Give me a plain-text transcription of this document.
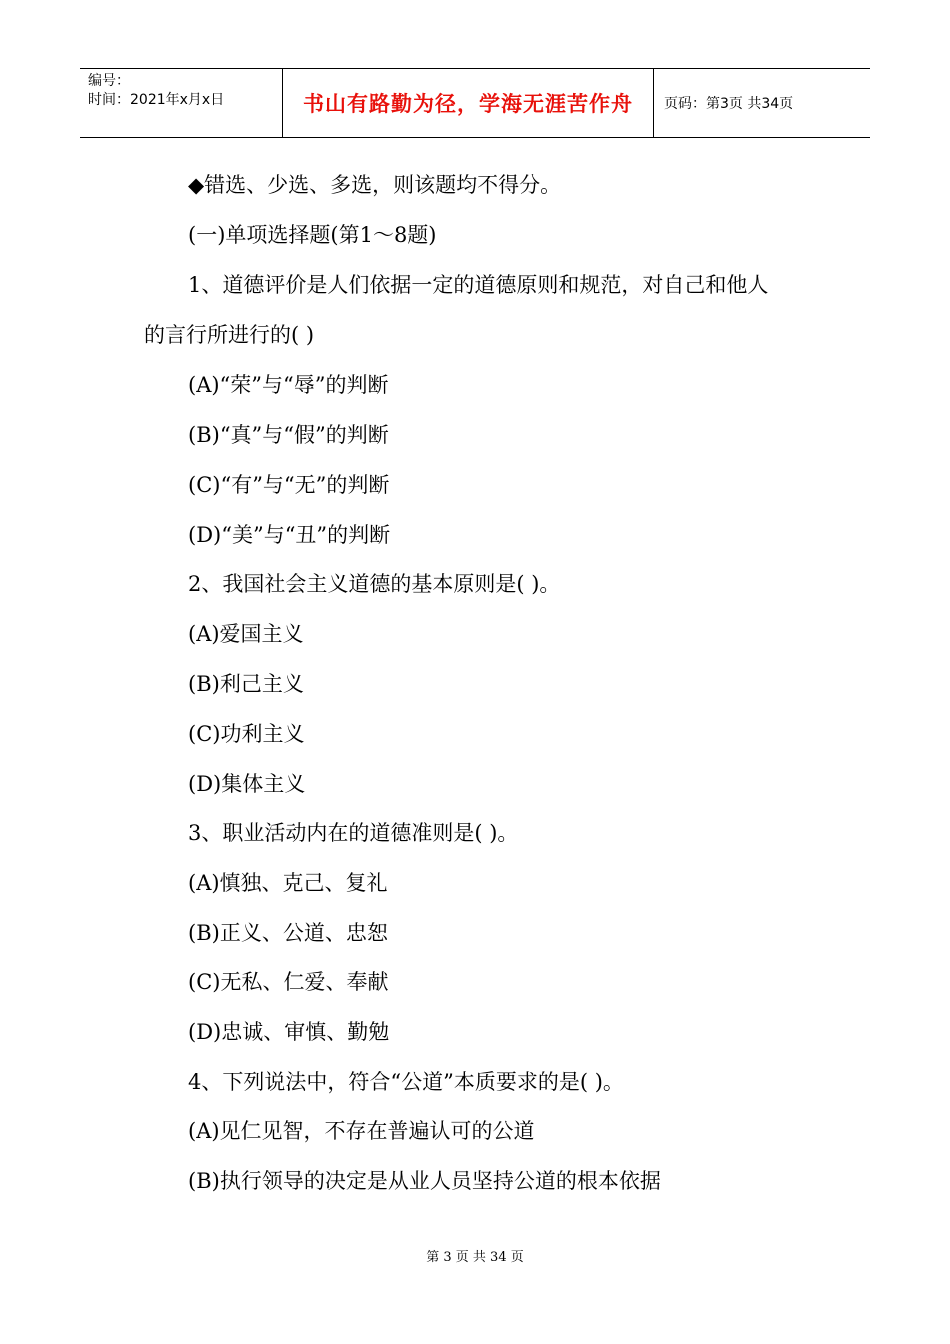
编号：
时间：2021年x月x日	书山有路勤为径，学海无涯苦作舟	页码：第3页 共34页
◆错选、少选、多选，则该题均不得分。
(一)单项选择题(第1～8题)
1、道德评价是人们依据一定的道德原则和规范，对自己和他人
的言行所进行的( )
(A)“荣”与“辱”的判断
(B)“真”与“假”的判断
(C)“有”与“无”的判断
(D)“美”与“丑”的判断
2、我国社会主义道德的基本原则是( )。
(A)爱国主义
(B)利己主义
(C)功利主义
(D)集体主义
3、职业活动内在的道德准则是( )。
(A)慎独、克己、复礼
(B)正义、公道、忠恕
(C)无私、仁爱、奉献
(D)忠诚、审慎、勤勉
4、下列说法中，符合“公道”本质要求的是( )。
(A)见仁见智，不存在普遍认可的公道
(B)执行领导的决定是从业人员坚持公道的根本依据
第 3 页 共 34 页
